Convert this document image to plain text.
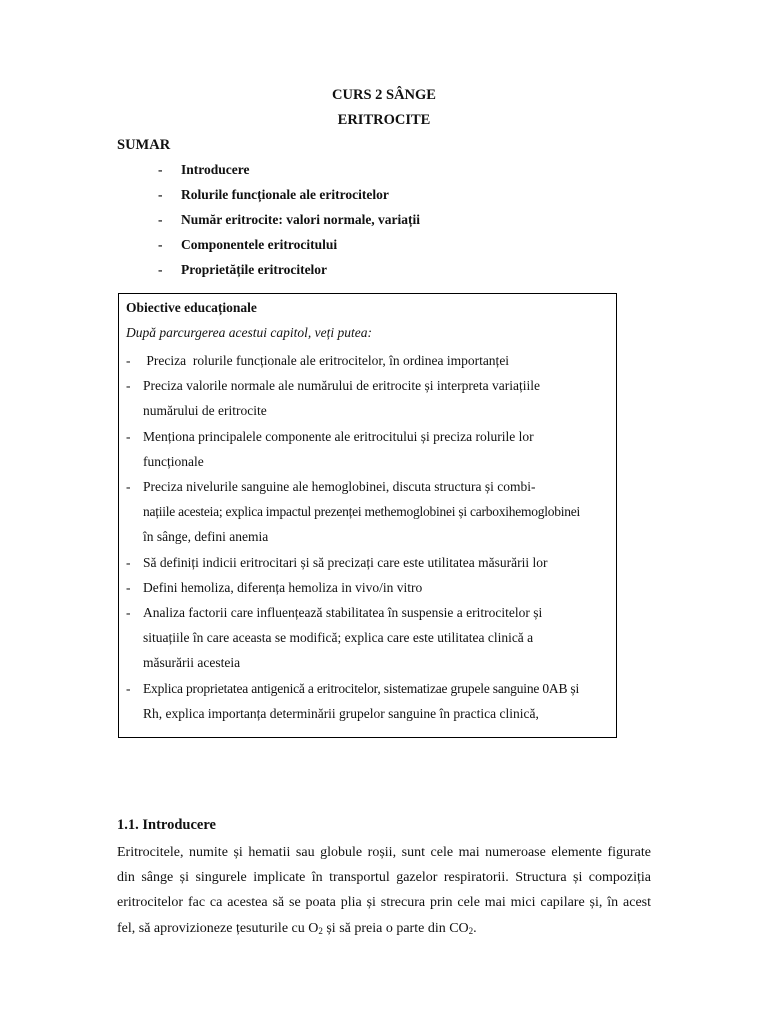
CURS 2 SÂNGE
ERITROCITE
SUMAR
- Introducere
- Rolurile funcționale ale eritrocitelor
- Număr eritrocite: valori normale, variații
- Componentele eritrocitului
- Proprietățile eritrocitelor
Obiective educaționale
După parcurgerea acestui capitol, veți putea:
- Preciza  rolurile funcționale ale eritrocitelor, în ordinea importanței
- Preciza valorile normale ale numărului de eritrocite și interpreta variațiile
numărului de eritrocite
- Menționa principalele componente ale eritrocitului și preciza rolurile lor
funcționale
- Preciza nivelurile sanguine ale hemoglobinei, discuta structura și combi-
națiile acesteia; explica impactul prezenței methemoglobinei și carboxihemoglobinei
în sânge, defini anemia
- Să definiți indicii eritrocitari și să precizați care este utilitatea măsurării lor
- Defini hemoliza, diferența hemoliza in vivo/in vitro
- Analiza factorii care influențează stabilitatea în suspensie a eritrocitelor și
situațiile în care aceasta se modifică; explica care este utilitatea clinică a
măsurării acesteia
- Explica proprietatea antigenică a eritrocitelor, sistematizae grupele sanguine 0AB și
Rh, explica importanța determinării grupelor sanguine în practica clinică,
1.1. Introducere

Eritrocitele, numite și hematii sau globule roșii, sunt cele mai numeroase elemente figurate
din sânge și singurele implicate în transportul gazelor respiratorii. Structura și compoziția
eritrocitelor fac ca acestea să se poata plia și strecura prin cele mai mici capilare și, în acest
fel, să aprovizioneze țesuturile cu $O_2$ și să preia o parte din $CO_2$.
